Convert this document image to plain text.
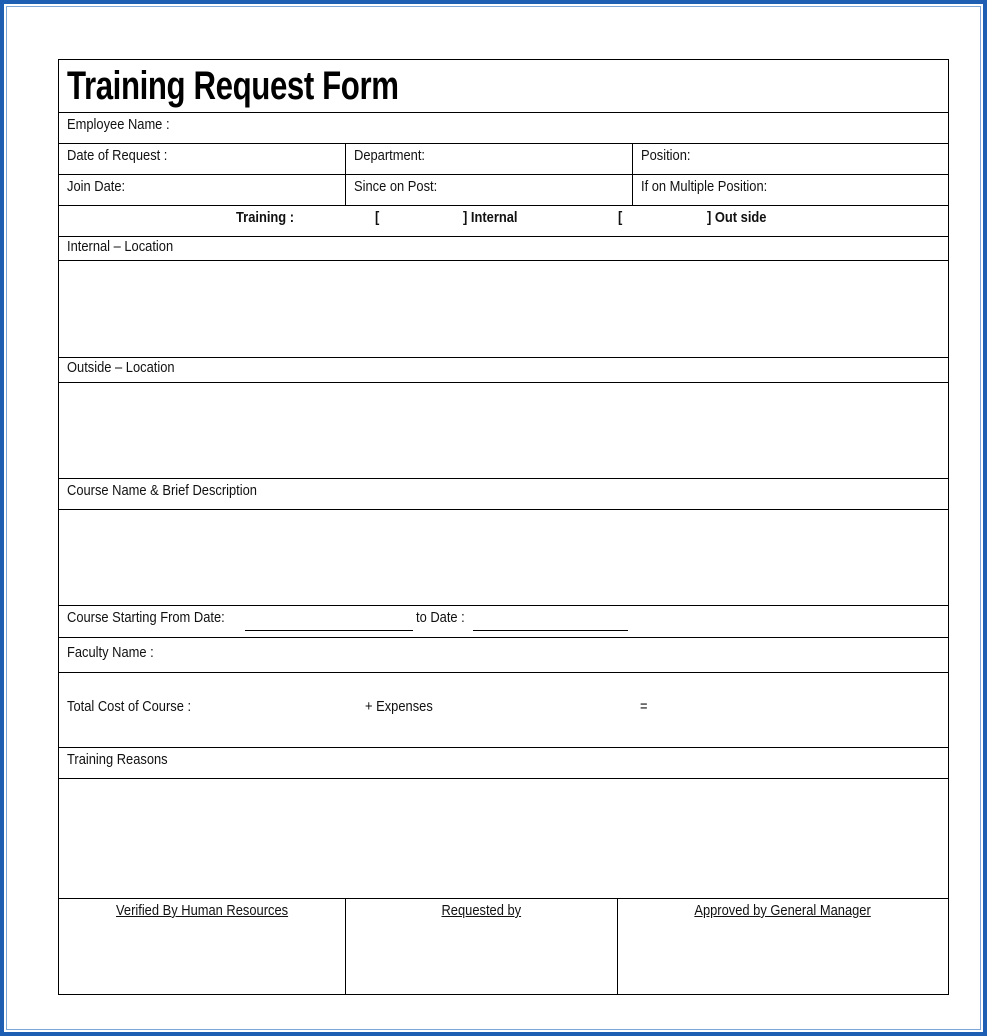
Training Request Form
Employee Name :
Date of Request :	Department:	Position:
Join Date:	Since on Post:	If on Multiple Position:
Training :	[	] Internal	[	] Out side
Internal – Location
Outside – Location
Course Name & Brief Description
Course Starting From Date:	to Date :
Faculty Name :
Total Cost of Course :	+ Expenses	=
Training Reasons
Verified By Human Resources	Requested by	Approved by General Manager
